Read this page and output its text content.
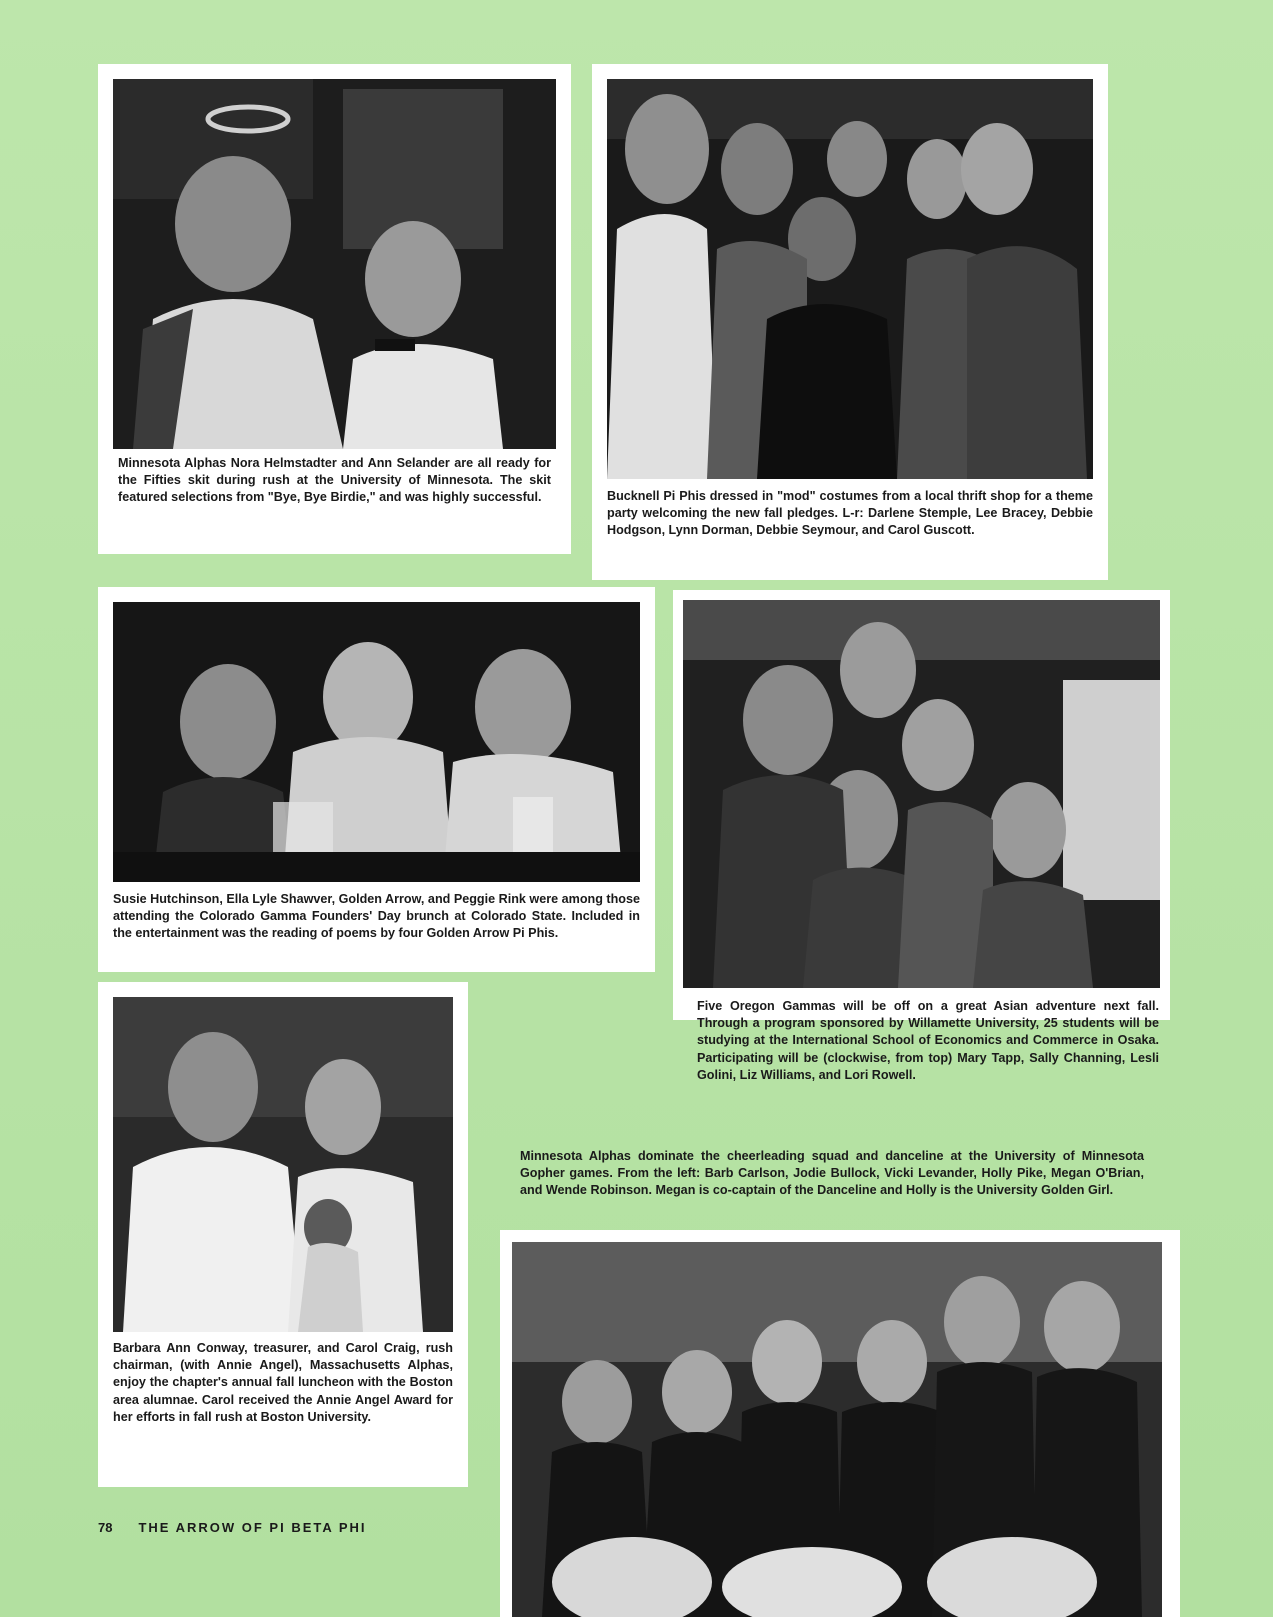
Minnesota Alphas Nora Helmstadter and Ann Selander are all ready for the Fifties skit during rush at the University of Minnesota. The skit featured selections from "Bye, Bye Birdie," and was highly successful.	Bucknell Pi Phis dressed in "mod" costumes from a local thrift shop for a theme party welcoming the new fall pledges. L-r: Darlene Stemple, Lee Bracey, Debbie Hodgson, Lynn Dorman, Debbie Seymour, and Carol Guscott.
Susie Hutchinson, Ella Lyle Shawver, Golden Arrow, and Peggie Rink were among those attending the Colorado Gamma Founders' Day brunch at Colorado State. Included in the entertainment was the reading of poems by four Golden Arrow Pi Phis.
Five Oregon Gammas will be off on a great Asian adventure next fall. Through a program sponsored by Willamette University, 25 students will be studying at the International School of Economics and Commerce in Osaka. Participating will be (clockwise, from top) Mary Tapp, Sally Channing, Lesli Golini, Liz Williams, and Lori Rowell.
Barbara Ann Conway, treasurer, and Carol Craig, rush chairman, (with Annie Angel), Massachusetts Alphas, enjoy the chapter's annual fall luncheon with the Boston area alumnae. Carol received the Annie Angel Award for her efforts in fall rush at Boston University.
Minnesota Alphas dominate the cheerleading squad and danceline at the University of Minnesota Gopher games. From the left: Barb Carlson, Jodie Bullock, Vicki Levander, Holly Pike, Megan O'Brian, and Wende Robinson. Megan is co-captain of the Danceline and Holly is the University Golden Girl.
78 THE ARROW OF PI BETA PHI
